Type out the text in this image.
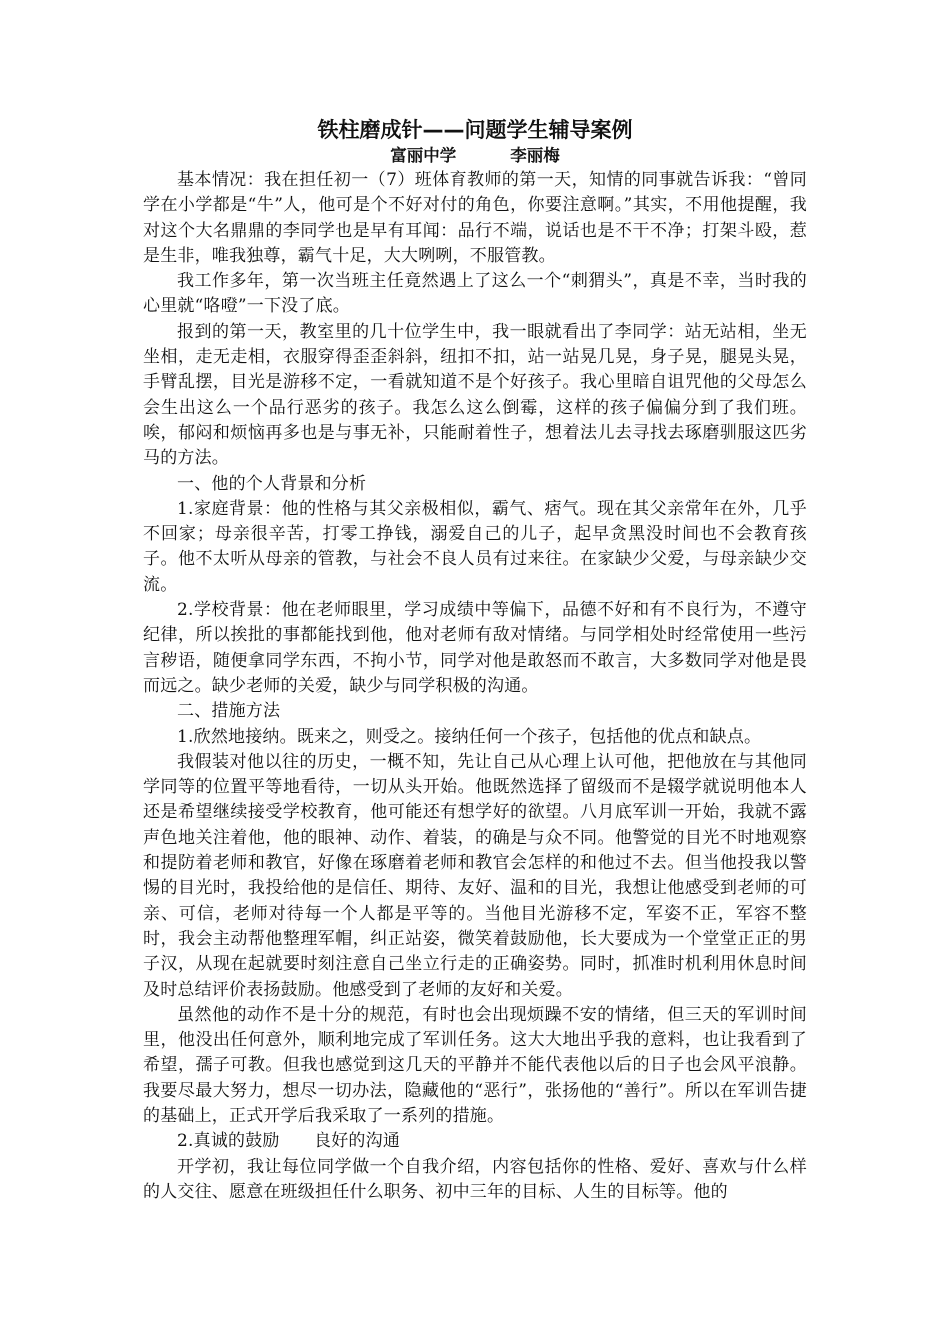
铁柱磨成针——问题学生辅导案例
富丽中学	李丽梅

基本情况：我在担任初一（7）班体育教师的第一天，知情的同事就告诉我：“曾同学在小学都是“牛”人，他可是个不好对付的角色，你要注意啊。”其实，不用他提醒，我对这个大名鼎鼎的李同学也是早有耳闻：品行不端，说话也是不干不净；打架斗殴，惹是生非，唯我独尊，霸气十足，大大咧咧，不服管教。

我工作多年，第一次当班主任竟然遇上了这么一个“刺猬头”，真是不幸，当时我的心里就“咯噔”一下没了底。

报到的第一天，教室里的几十位学生中，我一眼就看出了李同学：站无站相，坐无坐相，走无走相，衣服穿得歪歪斜斜，纽扣不扣，站一站晃几晃，身子晃，腿晃头晃，手臂乱摆，目光是游移不定，一看就知道不是个好孩子。我心里暗自诅咒他的父母怎么会生出这么一个品行恶劣的孩子。我怎么这么倒霉，这样的孩子偏偏分到了我们班。唉，郁闷和烦恼再多也是与事无补，只能耐着性子，想着法儿去寻找去琢磨驯服这匹劣马的方法。

一、他的个人背景和分析

1.家庭背景：他的性格与其父亲极相似，霸气、痞气。现在其父亲常年在外，几乎不回家；母亲很辛苦，打零工挣钱，溺爱自己的儿子，起早贪黑没时间也不会教育孩子。他不太听从母亲的管教，与社会不良人员有过来往。在家缺少父爱，与母亲缺少交流。

2.学校背景：他在老师眼里，学习成绩中等偏下，品德不好和有不良行为，不遵守纪律，所以挨批的事都能找到他，他对老师有敌对情绪。与同学相处时经常使用一些污言秽语，随便拿同学东西，不拘小节，同学对他是敢怒而不敢言，大多数同学对他是畏而远之。缺少老师的关爱，缺少与同学积极的沟通。

二、措施方法

1.欣然地接纳。既来之，则受之。接纳任何一个孩子，包括他的优点和缺点。

我假装对他以往的历史，一概不知，先让自己从心理上认可他，把他放在与其他同学同等的位置平等地看待，一切从头开始。他既然选择了留级而不是辍学就说明他本人还是希望继续接受学校教育，他可能还有想学好的欲望。八月底军训一开始，我就不露声色地关注着他，他的眼神、动作、着装，的确是与众不同。他警觉的目光不时地观察和提防着老师和教官，好像在琢磨着老师和教官会怎样的和他过不去。但当他投我以警惕的目光时，我投给他的是信任、期待、友好、温和的目光，我想让他感受到老师的可亲、可信，老师对待每一个人都是平等的。当他目光游移不定，军姿不正，军容不整时，我会主动帮他整理军帽，纠正站姿，微笑着鼓励他，长大要成为一个堂堂正正的男子汉，从现在起就要时刻注意自己坐立行走的正确姿势。同时，抓准时机利用休息时间及时总结评价表扬鼓励。他感受到了老师的友好和关爱。

虽然他的动作不是十分的规范，有时也会出现烦躁不安的情绪，但三天的军训时间里，他没出任何意外，顺利地完成了军训任务。这大大地出乎我的意料，也让我看到了希望，孺子可教。但我也感觉到这几天的平静并不能代表他以后的日子也会风平浪静。我要尽最大努力，想尽一切办法，隐藏他的“恶行”，张扬他的“善行”。所以在军训告捷的基础上，正式开学后我采取了一系列的措施。

2.真诚的鼓励　　良好的沟通

开学初，我让每位同学做一个自我介绍，内容包括你的性格、爱好、喜欢与什么样的人交往、愿意在班级担任什么职务、初中三年的目标、人生的目标等。他的
